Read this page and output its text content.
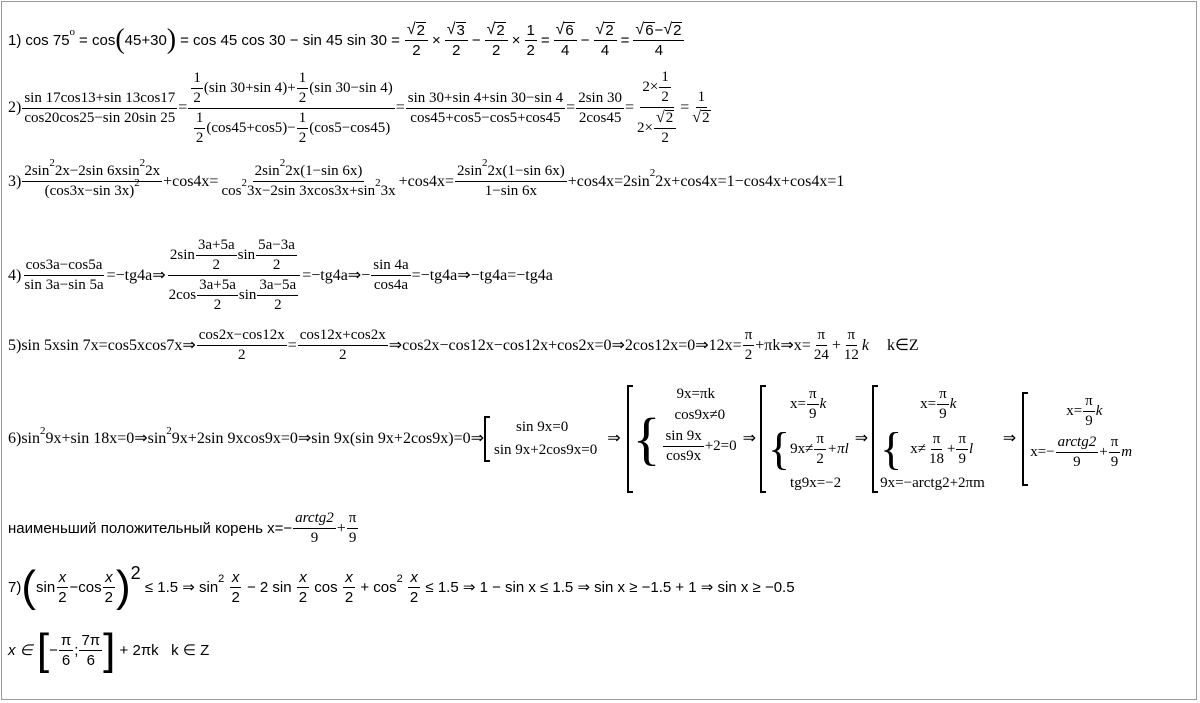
1)
cos 75 o
= cos ( 45+30 )
= cos 45 cos 30 − sin 45 sin 30 =
$\frac{√ 2}{2} \times \frac{√ 3}{2} - \frac{√ 2}{2} \times \frac{1}{2} = \frac{√ 6}{4} - \frac{√ 2}{4} = \frac{√ 6 - √ 2}{4}$
$2) \frac{\sin 17\cos 13+\sin 13\cos 17}{\cos 20\cos 25-\sin 20\sin 25} = \frac{\frac{1}{2} (\sin 30+\sin 4) + \frac{1}{2} (\sin 30-\sin 4)}{\frac{1}{2} (\cos 45+\cos 5) - \frac{1}{2} (\cos 5-\cos 45)} = \frac{\sin 30+\sin 4+\sin 30-\sin 4}{\cos 45+\cos 5-\cos 5+\cos 45} = \frac{2\sin 30}{2\cos 45} = \frac{2\times \frac{1}{2}}{2\times \frac{√ 2}{2}} = \frac{1}{√ 2}$
$3) \frac{2\sin 2 2x-2\sin 6xsin 2 2x}{(\cos 3x-\sin 3x) 2} +\cos 4x= \frac{2\sin 2 2x(1-\sin 6x)}{\cos 2 3x-2\sin 3xcos3x+\sin 2 3x} +\cos 4x= \frac{2\sin 2 2x(1-\sin 6x)}{1-\sin 6x} +\cos 4x=2\sin$ 2 2x+cos4x=1−cos4x+cos4x=1
$4) \frac{\cos 3a-\cos 5a}{\sin 3a-\sin 5a}$ =−tg4a⇒ $\frac{2\sin \frac{3a+5a}{2} \sin \frac{5a-3a}{2}}{2\cos \frac{3a+5a}{2} \sin \frac{3a-5a}{2}}$ =−tg4a⇒− $\frac{\sin 4a}{\cos 4a}$ =−tg4a⇒−tg4a=−tg4a
5) sin 5xsin 7x=cos5xcos7x⇒ $\frac{\cos 2x-\cos 12x}{2} = \frac{\cos 12x+\cos 2x}{2}$ ⇒cos2x−cos12x−cos12x+cos2x=0⇒2cos12x=0⇒12x= $\frac{\pi}{2}$ +πk⇒x= $\frac{\pi}{24} + \frac{\pi}{12}$ k k∈Z
6) sin 2 9x+sin 18x=0⇒sin 2 9x+2sin 9xcos9x=0⇒sin 9x (sin 9x+2cos9x)=0⇒
sin 9x=0
sin 9x+2cos9x=0
⇒ {
9x=πk
cos9x≠0
$\frac{\sin 9x}{\cos 9x} +2=0$ ⇒
$x= \frac{\pi}{9}$ k
{ $9x\ne \frac{\pi}{2} +\pi l$
tg9x=−2
⇒
$x= \frac{\pi}{9}$ k
{ $x\ne \frac{\pi}{18} + \frac{\pi}{9}$ l
9x=−arctg2+2πm
⇒
$x= \frac{\pi}{9}$ k
$x=- \frac{\text{arctg2}}{9} + \frac{\pi}{9}$ m
наименьший положительный корень $x=- \frac{\text{arctg2}}{9} + \frac{\pi}{9}$
7) ( $\sin \frac{x}{2} - \cos \frac{x}{2}$ ) 2

≤ 1.5 ⇒ sin 2
$\frac{x}{2}$
− 2 sin
$\frac{x}{2}$
cos
$\frac{x}{2}$
+ cos 2
$\frac{x}{2}$
≤ 1.5 ⇒ 1 − sin x ≤ 1.5 ⇒ sin x ≥ −1.5 + 1 ⇒ sin x ≥ −0.5
x ∈
[ − $\frac{\pi}{6}$ ; $\frac{7\pi}{6}$ ]
+ 2πk   k ∈ Z
